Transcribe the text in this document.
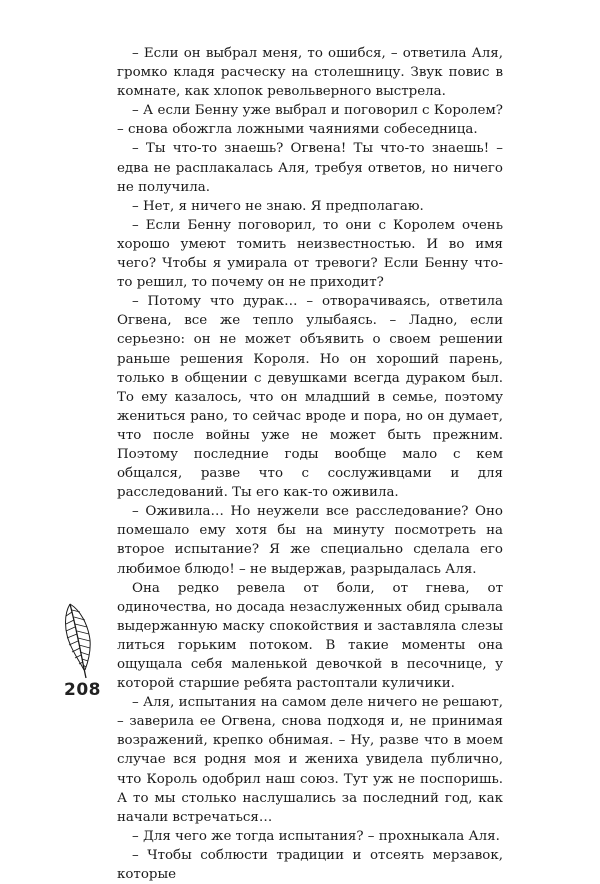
– Если он выбрал меня, то ошибся, – ответила Аля, громко кладя расческу на столешницу. Звук повис в комнате, как хлопок револьверного выстрела.

– А если Бенну уже выбрал и поговорил с Королем? – снова обожгла ложными чаяниями собеседница.

– Ты что-то знаешь? Огвена! Ты что-то знаешь! – едва не расплакалась Аля, требуя ответов, но ничего не получила.

– Нет, я ничего не знаю. Я предполагаю.

– Если Бенну поговорил, то они с Королем очень хорошо умеют томить неизвестностью. И во имя чего? Чтобы я умирала от тревоги? Если Бенну что-то решил, то почему он не приходит?

– Потому что дурак… – отворачиваясь, ответила Огвена, все же тепло улыбаясь. – Ладно, если серьезно: он не может объявить о своем решении раньше решения Короля. Но он хороший парень, только в общении с девушками всегда дураком был. То ему казалось, что он младший в семье, поэтому жениться рано, то сейчас вроде и пора, но он думает, что после войны уже не может быть прежним. Поэтому последние годы вообще мало с кем общался, разве что с сослуживцами и для расследований. Ты его как-то оживила.

– Оживила… Но неужели все расследование? Оно помешало ему хотя бы на минуту посмотреть на второе испытание? Я же специально сделала его любимое блюдо! – не выдержав, разрыдалась Аля.

Она редко ревела от боли, от гнева, от одиночества, но досада незаслуженных обид срывала выдержанную маску спокойствия и заставляла слезы литься горьким потоком. В такие моменты она ощущала себя маленькой девочкой в песочнице, у которой старшие ребята растоптали куличики.

– Аля, испытания на самом деле ничего не решают, – заверила ее Огвена, снова подходя и, не принимая возражений, крепко обнимая. – Ну, разве что в моем случае вся родня моя и жениха увидела публично, что Король одобрил наш союз. Тут уж не поспоришь. А то мы столько наслушались за последний год, как начали встречаться…

– Для чего же тогда испытания? – прохныкала Аля.

– Чтобы соблюсти традиции и отсеять мерзавок, которые

208
